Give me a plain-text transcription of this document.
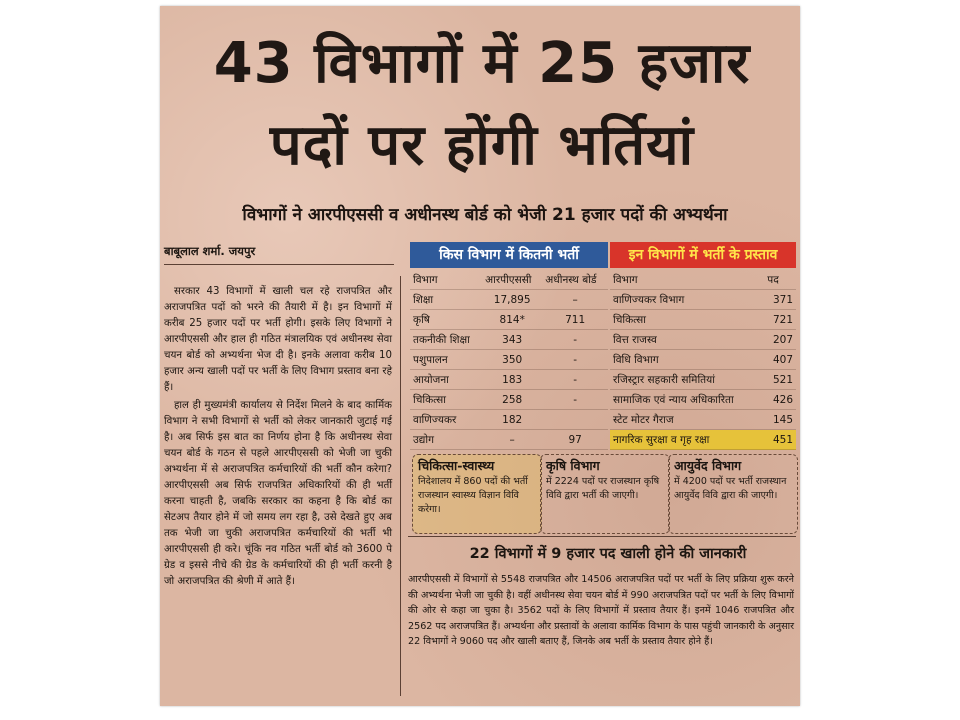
43 विभागों में 25 हजार
पदों पर होंगी भर्तियां
विभागों ने आरपीएससी व अधीनस्थ बोर्ड को भेजी 21 हजार पदों की अभ्यर्थना
बाबूलाल शर्मा. जयपुर

सरकार 43 विभागों में खाली चल रहे राजपत्रित और अराजपत्रित पदों को भरने की तैयारी में है। इन विभागों में करीब 25 हजार पदों पर भर्ती होगी। इसके लिए विभागों ने आरपीएससी और हाल ही गठित मंत्रालयिक एवं अधीनस्थ सेवा चयन बोर्ड को अभ्यर्थना भेज दी है। इनके अलावा करीब 10 हजार अन्य खाली पदों पर भर्ती के लिए विभाग प्रस्ताव बना रहे हैं।

हाल ही मुख्यमंत्री कार्यालय से निर्देश मिलने के बाद कार्मिक विभाग ने सभी विभागों से भर्ती को लेकर जानकारी जुटाई गई है। अब सिर्फ इस बात का निर्णय होना है कि अधीनस्थ सेवा चयन बोर्ड के गठन से पहले आरपीएससी को भेजी जा चुकी अभ्यर्थना में से अराजपत्रित कर्मचारियों की भर्ती कौन करेगा? आरपीएससी अब सिर्फ राजपत्रित अधिकारियों की ही भर्ती करना चाहती है, जबकि सरकार का कहना है कि बोर्ड का सेटअप तैयार होने में जो समय लग रहा है, उसे देखते हुए अब तक भेजी जा चुकी अराजपत्रित कर्मचारियों की भर्ती भी आरपीएससी ही करे। चूंकि नव गठित भर्ती बोर्ड को 3600 पे ग्रेड व इससे नीचे की ग्रेड के कर्मचारियों की ही भर्ती करनी है जो अराजपत्रित की श्रेणी में आते हैं।

किस विभाग में कितनी भर्ती
विभाग	आरपीएससी	अधीनस्थ बोर्ड
शिक्षा	17,895	–
कृषि	814*	711
तकनीकी शिक्षा	343	-
पशुपालन	350	-
आयोजना	183	-
चिकित्सा	258	-
वाणिज्यकर	182	
उद्योग	–	97
इन विभागों में भर्ती के प्रस्ताव
विभाग	पद
वाणिज्यकर विभाग	371
चिकित्सा	721
वित्त राजस्व	207
विधि विभाग	407
रजिस्ट्रार सहकारी समितियां	521
सामाजिक एवं न्याय अधिकारिता	426
स्टेट मोटर गैराज	145
नागरिक सुरक्षा व गृह रक्षा	451
चिकित्सा-स्वास्थ्य
निदेशालय में 860 पदों की भर्ती राजस्थान स्वास्थ्य विज्ञान विवि करेगा।
कृषि विभाग
में 2224 पदों पर राजस्थान कृषि विवि द्वारा भर्ती की जाएगी।
आयुर्वेद विभाग
में 4200 पदों पर भर्ती राजस्थान आयुर्वेद विवि द्वारा की जाएगी।
22 विभागों में 9 हजार पद खाली होने की जानकारी
आरपीएससी में विभागों से 5548 राजपत्रित और 14506 अराजपत्रित पदों पर भर्ती के लिए प्रक्रिया शुरू करने की अभ्यर्थना भेजी जा चुकी है। वहीं अधीनस्थ सेवा चयन बोर्ड में 990 अराजपत्रित पदों पर भर्ती के लिए विभागों की ओर से कहा जा चुका है। 3562 पदों के लिए विभागों में प्रस्ताव तैयार हैं। इनमें 1046 राजपत्रित और 2562 पद अराजपत्रित हैं। अभ्यर्थना और प्रस्तावों के अलावा कार्मिक विभाग के पास पहुंची जानकारी के अनुसार 22 विभागों ने 9060 पद और खाली बताए हैं, जिनके अब भर्ती के प्रस्ताव तैयार होने हैं।
